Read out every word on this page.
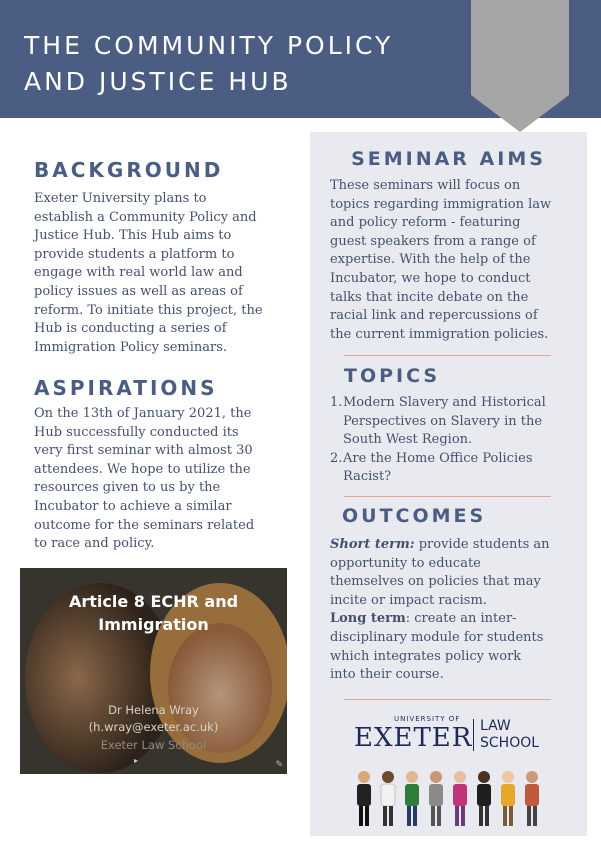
THE COMMUNITY POLICY
AND JUSTICE HUB
BACKGROUND

Exeter University plans to
establish a Community Policy and
Justice Hub. This Hub aims to
provide students a platform to
engage with real world law and
policy issues as well as areas of
reform. To initiate this project, the
Hub is conducting a series of
Immigration Policy seminars.

ASPIRATIONS

On the 13th of January 2021, the
Hub successfully conducted its
very first seminar with almost 30
attendees. We hope to utilize the
resources given to us by the
Incubator to achieve a similar
outcome for the seminars related
to race and policy.

Article 8 ECHR and
Immigration
Dr Helena Wray
(h.wray@exeter.ac.uk)
Exeter Law School
▸	✎
SEMINAR AIMS

These seminars will focus on
topics regarding immigration law
and policy reform - featuring
guest speakers from a range of
expertise. With the help of the
Incubator, we hope to conduct
talks that incite debate on the
racial link and repercussions of
the current immigration policies.

TOPICS
1. Modern Slavery and Historical
Perspectives on Slavery in the
South West Region.
2. Are the Home Office Policies
Racist?
OUTCOMES

Short term: provide students an
opportunity to educate
themselves on policies that may
incite or impact racism.
Long term: create an inter-
disciplinary module for students
which integrates policy work
into their course.

UNIVERSITY OF
EXETER LAW
SCHOOL
